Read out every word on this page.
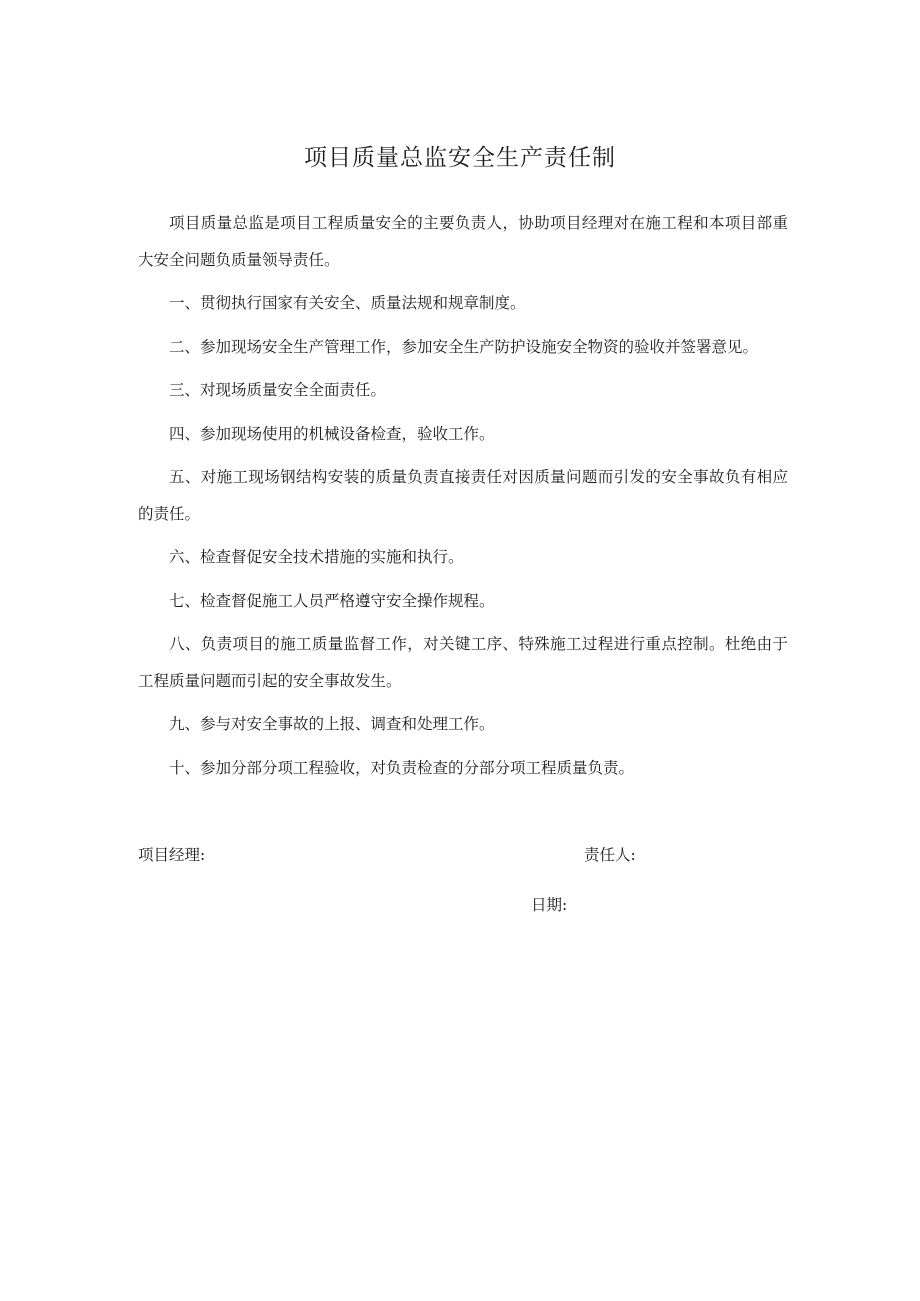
项目质量总监安全生产责任制

项目质量总监是项目工程质量安全的主要负责人，协助项目经理对在施工程和本项目部重大安全问题负质量领导责任。

一、贯彻执行国家有关安全、质量法规和规章制度。

二、参加现场安全生产管理工作，参加安全生产防护设施安全物资的验收并签署意见。

三、对现场质量安全全面责任。

四、参加现场使用的机械设备检查，验收工作。

五、对施工现场钢结构安装的质量负责直接责任对因质量问题而引发的安全事故负有相应的责任。

六、检查督促安全技术措施的实施和执行。

七、检查督促施工人员严格遵守安全操作规程。

八、负责项目的施工质量监督工作，对关键工序、特殊施工过程进行重点控制。杜绝由于工程质量问题而引起的安全事故发生。

九、参与对安全事故的上报、调查和处理工作。

十、参加分部分项工程验收，对负责检查的分部分项工程质量负责。

项目经理:	责任人:
日期:
